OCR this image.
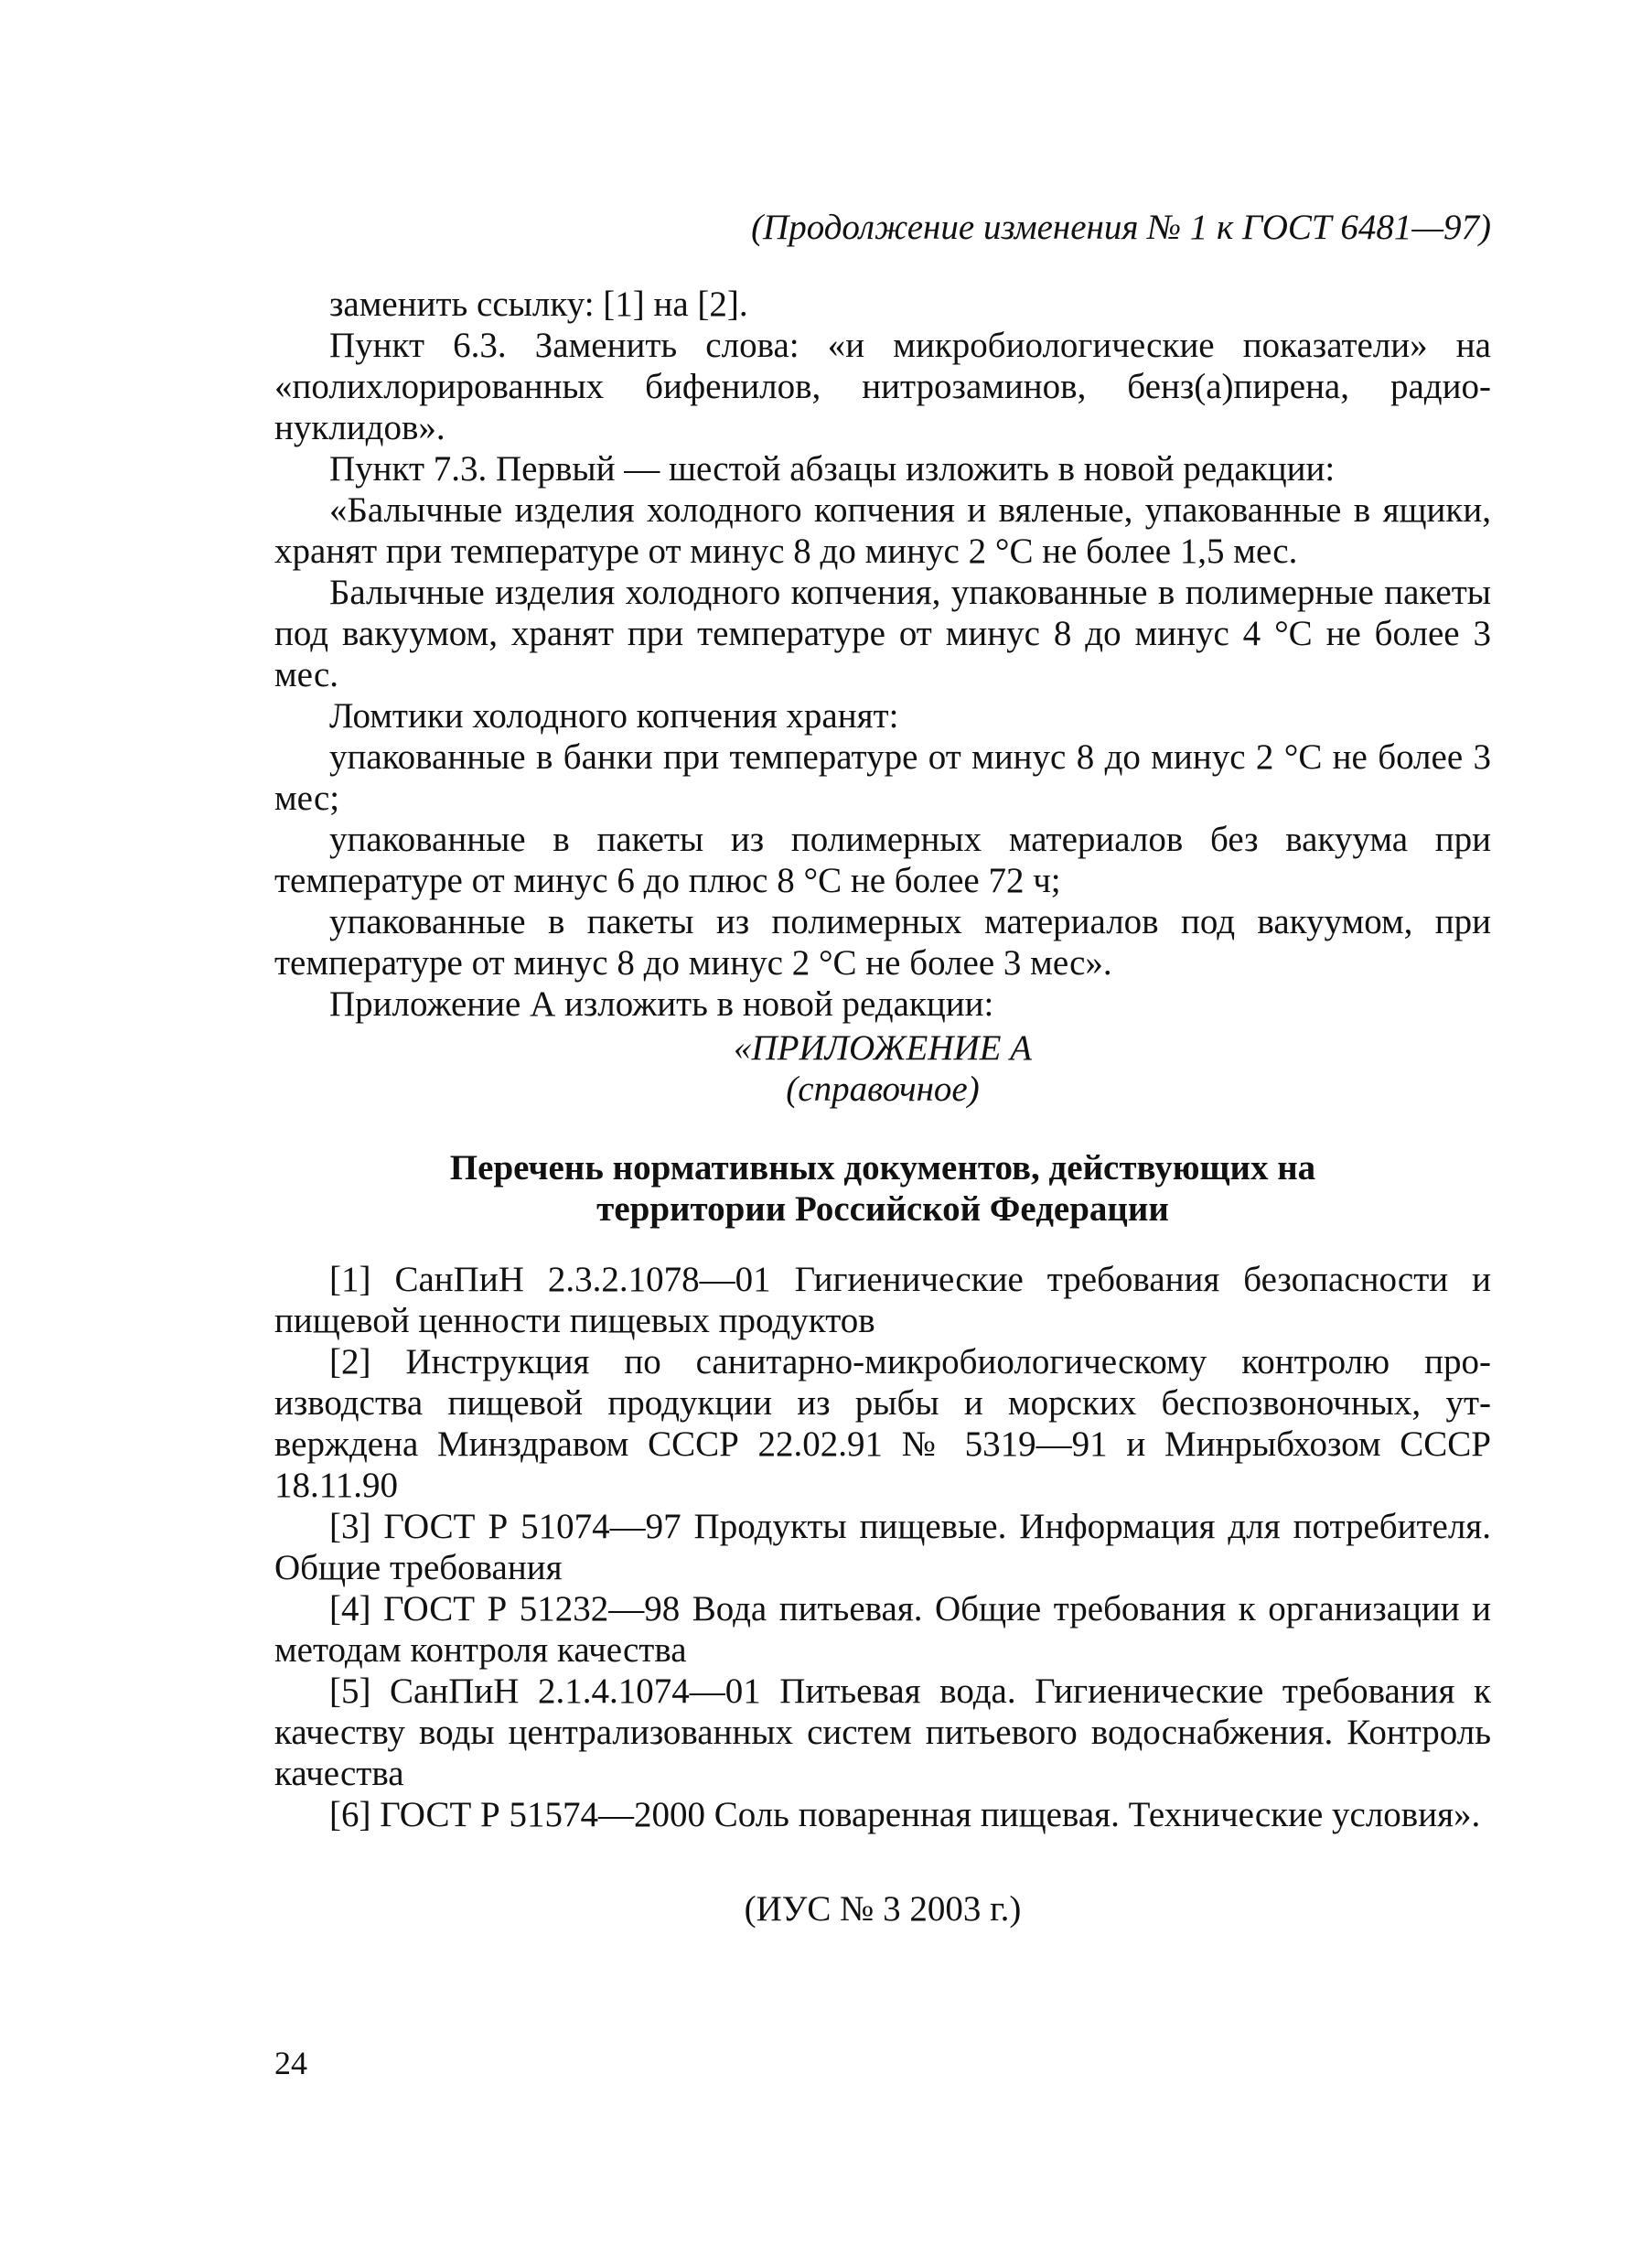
(Продолжение изменения № 1 к ГОСТ 6481—97)

заменить ссылку: [1] на [2].

Пункт 6.3. Заменить слова: «и микробиологические показатели» на «полихлорированных бифенилов, нитрозаминов, бенз(а)пирена, радионуклидов».

Пункт 7.3. Первый — шестой абзацы изложить в новой редакции:

«Балычные изделия холодного копчения и вяленые, упакованные в ящики, хранят при температуре от минус 8 до минус 2 °С не более 1,5 мес.

Балычные изделия холодного копчения, упакованные в полимерные пакеты под вакуумом, хранят при температуре от минус 8 до минус 4 °С не более 3 мес.

Ломтики холодного копчения хранят:

упакованные в банки при температуре от минус 8 до минус 2 °С не более 3 мес;

упакованные в пакеты из полимерных материалов без вакуума при температуре от минус 6 до плюс 8 °С не более 72 ч;

упакованные в пакеты из полимерных материалов под вакуумом, при температуре от минус 8 до минус 2 °С не более 3 мес».

Приложение А изложить в новой редакции:

«ПРИЛОЖЕНИЕ А

(справочное)

Перечень нормативных документов, действующих на территории Российской Федерации

[1] СанПиН 2.3.2.1078—01 Гигиенические требования безопасности и пищевой ценности пищевых продуктов

[2] Инструкция по санитарно-микробиологическому контролю производства пищевой продукции из рыбы и морских беспозвоночных, утверждена Минздравом СССР 22.02.91 № 5319—91 и Минрыбхозом СССР 18.11.90

[3] ГОСТ Р 51074—97 Продукты пищевые. Информация для потребителя. Общие требования

[4] ГОСТ Р 51232—98 Вода питьевая. Общие требования к организации и методам контроля качества

[5] СанПиН 2.1.4.1074—01 Питьевая вода. Гигиенические требования к качеству воды централизованных систем питьевого водоснабжения. Контроль качества

[6] ГОСТ Р 51574—2000 Соль поваренная пищевая. Технические условия».

(ИУС № 3 2003 г.)

24
